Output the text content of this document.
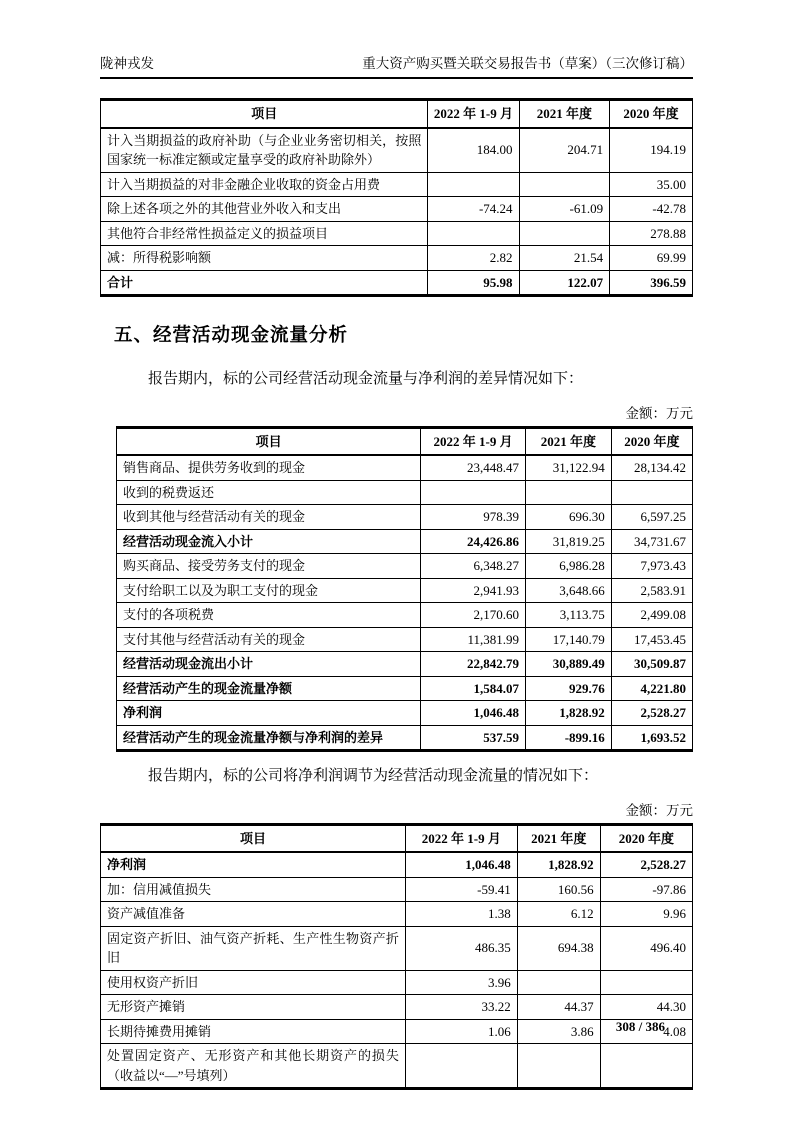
陇神戎发	重大资产购买暨关联交易报告书（草案）（三次修订稿）
项目	2022 年 1-9 月	2021 年度	2020 年度
计入当期损益的政府补助（与企业业务密切相关，按照国家统一标准定额或定量享受的政府补助除外）	184.00	204.71	194.19
计入当期损益的对非金融企业收取的资金占用费			35.00
除上述各项之外的其他营业外收入和支出	-74.24	-61.09	-42.78
其他符合非经常性损益定义的损益项目			278.88
减：所得税影响额	2.82	21.54	69.99
合计	95.98	122.07	396.59
五、经营活动现金流量分析

报告期内，标的公司经营活动现金流量与净利润的差异情况如下：

金额：万元
项目	2022 年 1-9 月	2021 年度	2020 年度
销售商品、提供劳务收到的现金	23,448.47	31,122.94	28,134.42
收到的税费返还			
收到其他与经营活动有关的现金	978.39	696.30	6,597.25
经营活动现金流入小计	24,426.86	31,819.25	34,731.67
购买商品、接受劳务支付的现金	6,348.27	6,986.28	7,973.43
支付给职工以及为职工支付的现金	2,941.93	3,648.66	2,583.91
支付的各项税费	2,170.60	3,113.75	2,499.08
支付其他与经营活动有关的现金	11,381.99	17,140.79	17,453.45
经营活动现金流出小计	22,842.79	30,889.49	30,509.87
经营活动产生的现金流量净额	1,584.07	929.76	4,221.80
净利润	1,046.48	1,828.92	2,528.27
经营活动产生的现金流量净额与净利润的差异	537.59	-899.16	1,693.52

报告期内，标的公司将净利润调节为经营活动现金流量的情况如下：

金额：万元
项目	2022 年 1-9 月	2021 年度	2020 年度
净利润	1,046.48	1,828.92	2,528.27
加：信用减值损失	-59.41	160.56	-97.86
资产减值准备	1.38	6.12	9.96
固定资产折旧、油气资产折耗、生产性生物资产折旧	486.35	694.38	496.40
使用权资产折旧	3.96		
无形资产摊销	33.22	44.37	44.30
长期待摊费用摊销	1.06	3.86	4.08
处置固定资产、无形资产和其他长期资产的损失（收益以“—”号填列）			
308 / 386
